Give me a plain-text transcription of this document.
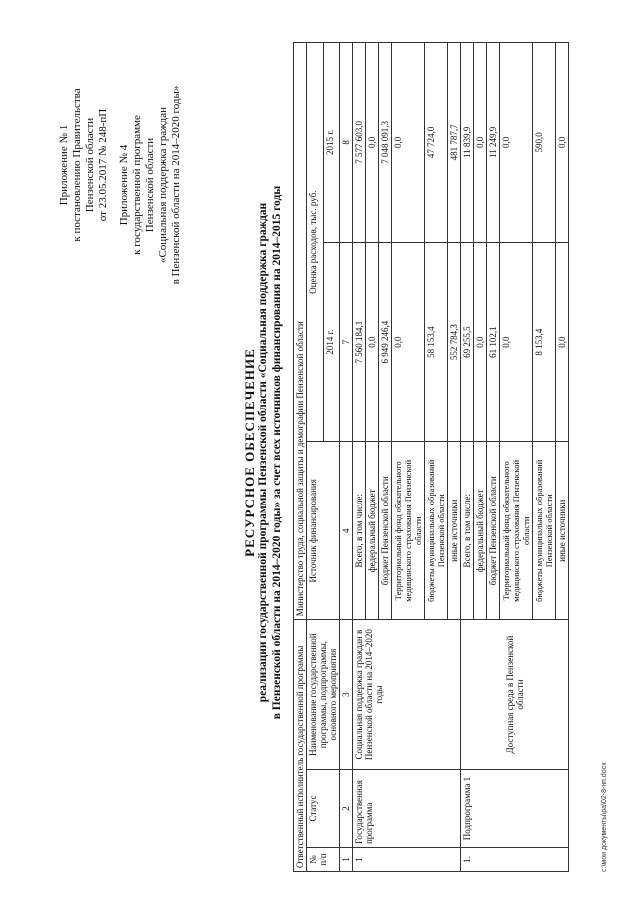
Приложение № 1 к постановлению Правительства Пензенской области от 23.05.2017 № 248-пП Приложение № 4 к государственной программе Пензенской области «Социальная поддержка граждан в Пензенской области на 2014–2020 годы»
РЕСУРСНОЕ ОБЕСПЕЧЕНИЕ реализации государственной программы Пензенской области «Социальная поддержка граждан в Пензенской области на 2014–2020 годы» за счет всех источников финансирования на 2014–2015 годы
Ответственный исполнитель государственной программы			Министерство труда, социальной защиты и демографии Пензенской области		
№ п/п	Статус	Наименование государственной программы, подпрограммы, основного мероприятия	Источник финансирования	Оценка расходов, тыс. руб.	
				2014 г.	2015 г.
1	2	3	4	7	8
1	Государственная программа	Социальная поддержка граждан в Пензенской области на 2014–2020 годы	Всего, в том числе:	7 560 184,1	7 577 603,0
			федеральный бюджет	0,0	0,0
			бюджет Пензенской области	6 949 246,4	7 048 091,3
			Территориальный фонд обязательного медицинского страхования Пензенской области	0,0	0,0
			бюджеты муниципальных образований Пензенской области	58 153,4	47 724,0
			иные источники	552 784,3	481 787,7
1.	Подпрограмма 1	Доступная среда в Пензенской области	Всего, в том числе:	69 255,5	11 839,9
			федеральный бюджет	0,0	0,0
			бюджет Пензенской области	61 102,1	11 249,9
			Территориальный фонд обязательного медицинского страхования Пензенской области	0,0	0,0
			бюджеты муниципальных образований Пензенской области	8 153,4	590,0
			иные источники	0,0	0,0
с:\мои документы\ра\02-8-нп.docx
